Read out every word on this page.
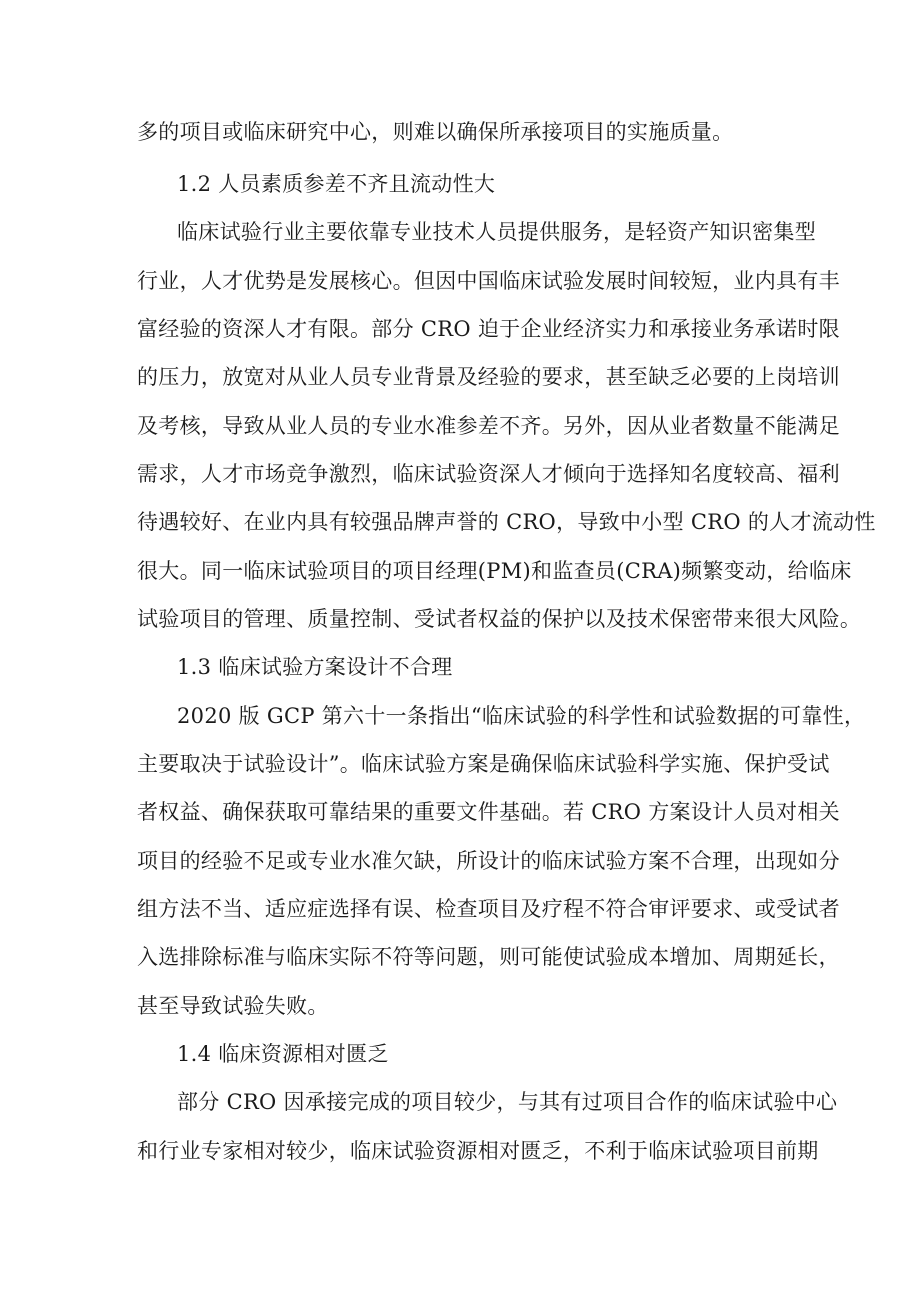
多的项目或临床研究中心，则难以确保所承接项目的实施质量。
1.2 人员素质参差不齐且流动性大
临床试验行业主要依靠专业技术人员提供服务，是轻资产知识密集型
行业，人才优势是发展核心。但因中国临床试验发展时间较短，业内具有丰
富经验的资深人才有限。部分 CRO 迫于企业经济实力和承接业务承诺时限
的压力，放宽对从业人员专业背景及经验的要求，甚至缺乏必要的上岗培训
及考核，导致从业人员的专业水准参差不齐。另外，因从业者数量不能满足
需求，人才市场竞争激烈，临床试验资深人才倾向于选择知名度较高、福利
待遇较好、在业内具有较强品牌声誉的 CRO，导致中小型 CRO 的人才流动性
很大。同一临床试验项目的项目经理(PM)和监查员(CRA)频繁变动，给临床
试验项目的管理、质量控制、受试者权益的保护以及技术保密带来很大风险。
1.3 临床试验方案设计不合理
2020 版 GCP 第六十一条指出“临床试验的科学性和试验数据的可靠性，
主要取决于试验设计”。临床试验方案是确保临床试验科学实施、保护受试
者权益、确保获取可靠结果的重要文件基础。若 CRO 方案设计人员对相关
项目的经验不足或专业水准欠缺，所设计的临床试验方案不合理，出现如分
组方法不当、适应症选择有误、检查项目及疗程不符合审评要求、或受试者
入选排除标准与临床实际不符等问题，则可能使试验成本增加、周期延长，
甚至导致试验失败。
1.4 临床资源相对匮乏
部分 CRO 因承接完成的项目较少，与其有过项目合作的临床试验中心
和行业专家相对较少，临床试验资源相对匮乏，不利于临床试验项目前期
